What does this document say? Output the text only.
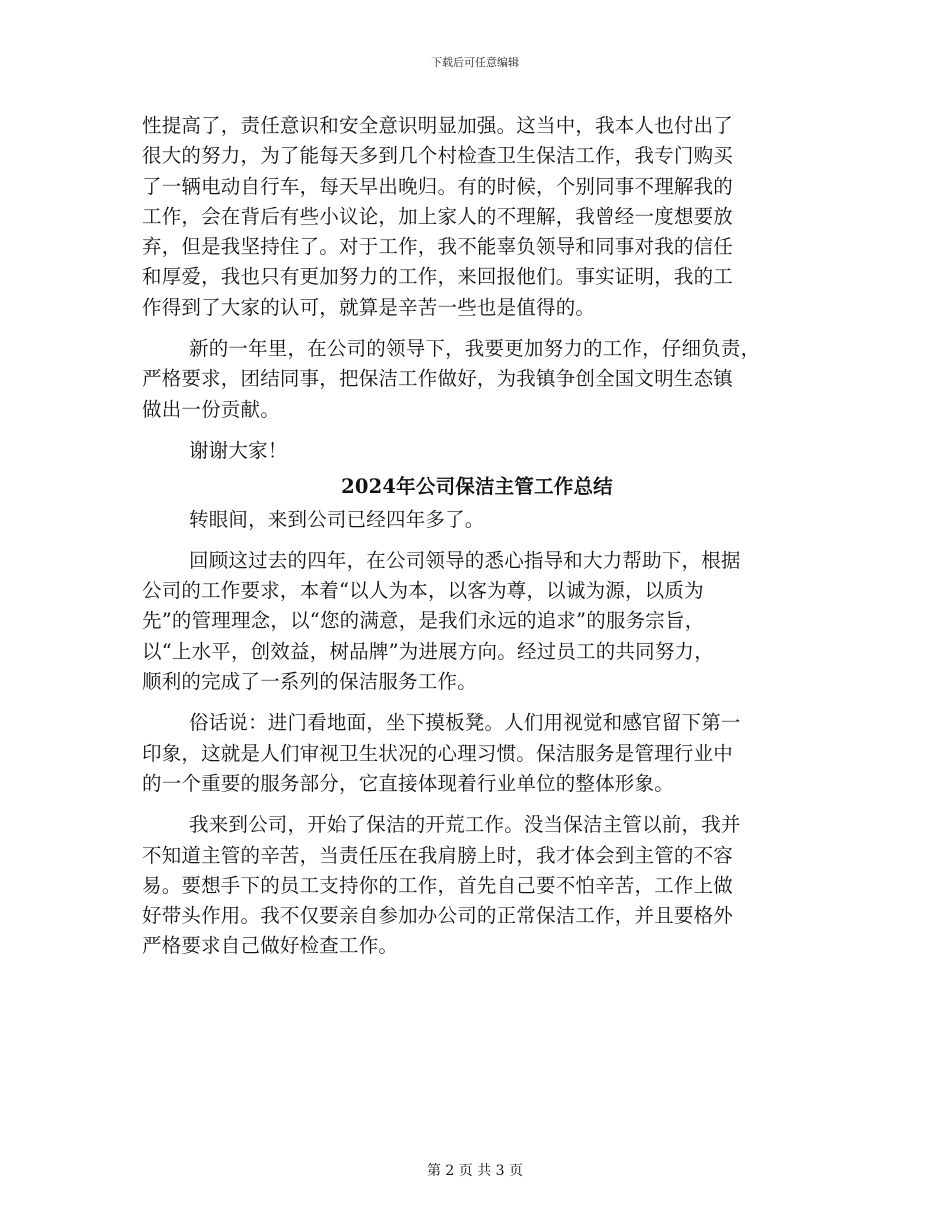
下载后可任意编辑
性提高了，责任意识和安全意识明显加强。这当中，我本人也付出了
很大的努力，为了能每天多到几个村检查卫生保洁工作，我专门购买
了一辆电动自行车，每天早出晚归。有的时候，个别同事不理解我的
工作，会在背后有些小议论，加上家人的不理解，我曾经一度想要放
弃，但是我坚持住了。对于工作，我不能辜负领导和同事对我的信任
和厚爱，我也只有更加努力的工作，来回报他们。事实证明，我的工
作得到了大家的认可，就算是辛苦一些也是值得的。
新的一年里，在公司的领导下，我要更加努力的工作，仔细负责，
严格要求，团结同事，把保洁工作做好，为我镇争创全国文明生态镇
做出一份贡献。
谢谢大家！
2024年公司保洁主管工作总结
转眼间，来到公司已经四年多了。
回顾这过去的四年，在公司领导的悉心指导和大力帮助下，根据
公司的工作要求，本着“以人为本，以客为尊，以诚为源，以质为
先”的管理理念，以“您的满意，是我们永远的追求”的服务宗旨，
以“上水平，创效益，树品牌”为进展方向。经过员工的共同努力，
顺利的完成了一系列的保洁服务工作。
俗话说：进门看地面，坐下摸板凳。人们用视觉和感官留下第一
印象，这就是人们审视卫生状况的心理习惯。保洁服务是管理行业中
的一个重要的服务部分，它直接体现着行业单位的整体形象。
我来到公司，开始了保洁的开荒工作。没当保洁主管以前，我并
不知道主管的辛苦，当责任压在我肩膀上时，我才体会到主管的不容
易。要想手下的员工支持你的工作，首先自己要不怕辛苦，工作上做
好带头作用。我不仅要亲自参加办公司的正常保洁工作，并且要格外
严格要求自己做好检查工作。
第 2 页 共 3 页
